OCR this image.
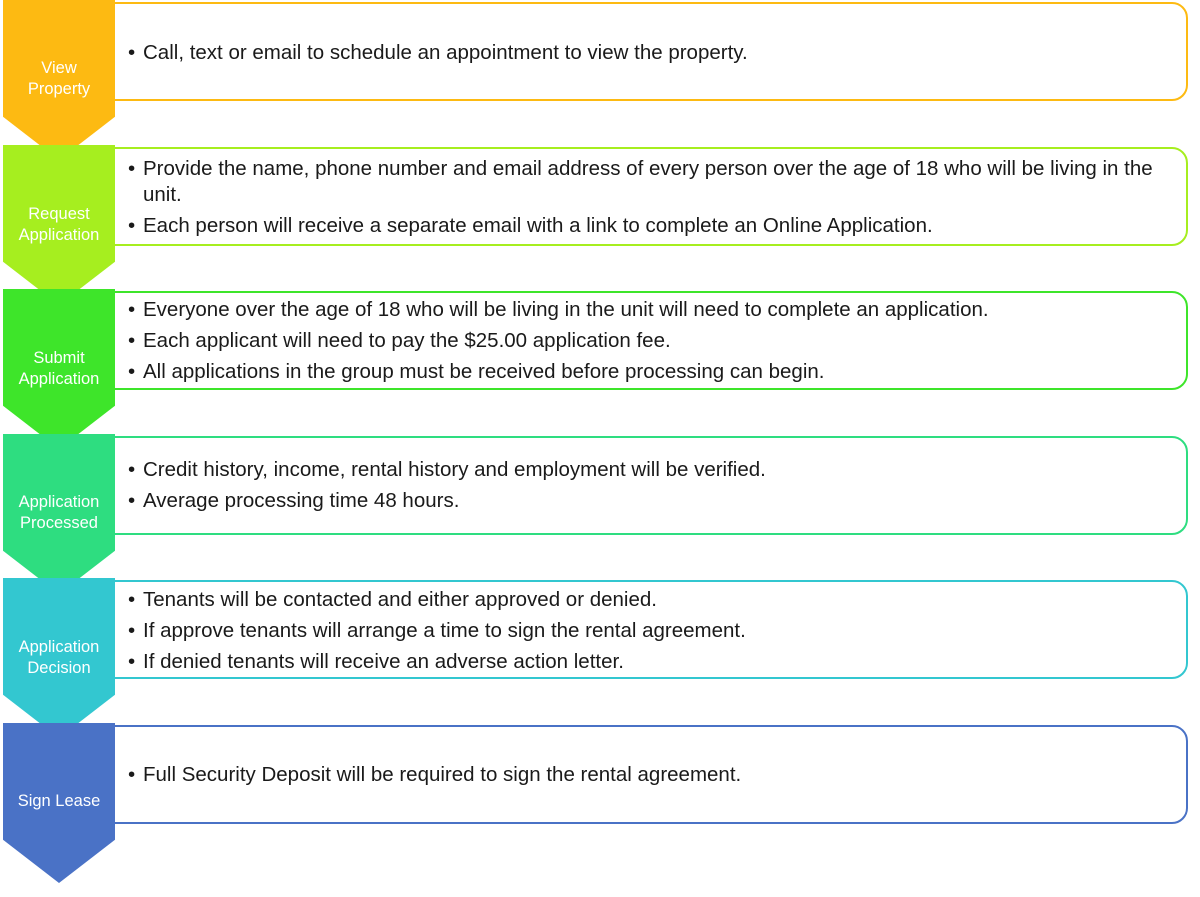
View
Property
• Call, text or email to schedule an appointment to view the property.
Request
Application
• Provide the name, phone number and email address of every person over the age of 18 who will be living in the unit.
• Each person will receive a separate email with a link to complete an Online Application.
Submit
Application
• Everyone over the age of 18 who will be living in the unit will need to complete an application.
• Each applicant will need to pay the $25.00 application fee.
• All applications in the group must be received before processing can begin.
Application
Processed
• Credit history, income, rental history and employment will be verified.
• Average processing time 48 hours.
Application
Decision
• Tenants will be contacted and either approved or denied.
• If approve tenants will arrange a time to sign the rental agreement.
• If denied tenants will receive an adverse action letter.
Sign Lease
• Full Security Deposit will be required to sign the rental agreement.
